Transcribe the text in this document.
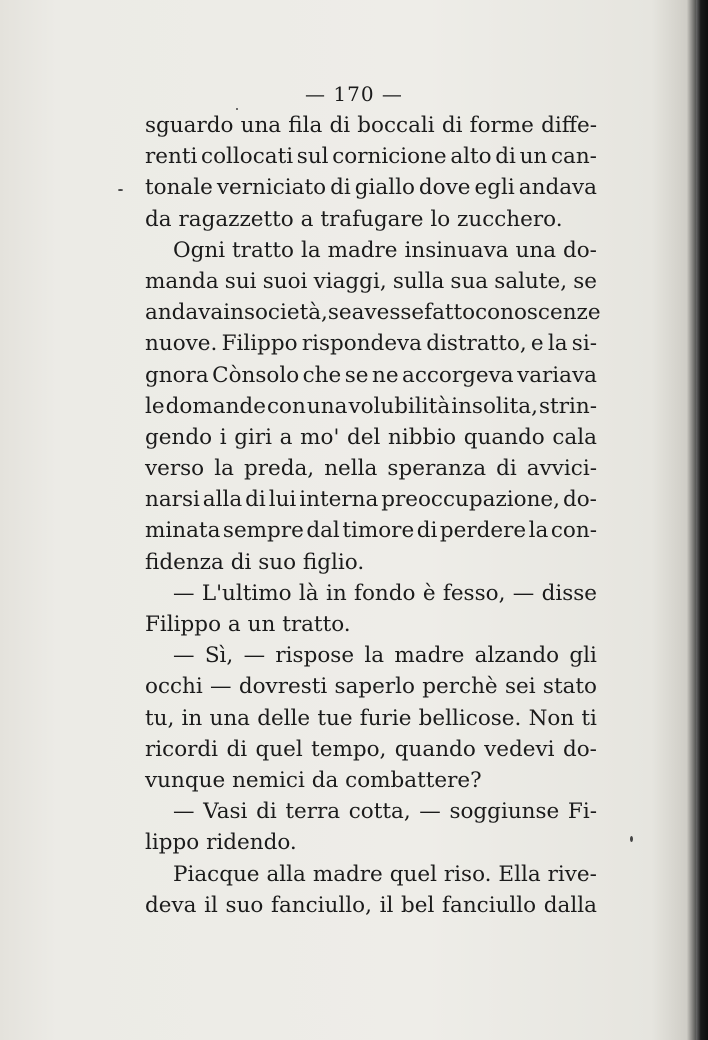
— 170 —
sguardo una fila di boccali di forme diffe-
renti collocati sul cornicione alto di un can-
tonale verniciato di giallo dove egli andava
da ragazzetto a trafugare lo zucchero.
Ogni tratto la madre insinuava una do-
manda sui suoi viaggi, sulla sua salute, se
andava in società, se avesse fatto conoscenze
nuove. Filippo rispondeva distratto, e la si-
gnora Cònsolo che se ne accorgeva variava
le domande con una volubilità insolita, strin-
gendo i giri a mo' del nibbio quando cala
verso la preda, nella speranza di avvici-
narsi alla di lui interna preoccupazione, do-
minata sempre dal timore di perdere la con-
fidenza di suo figlio.
— L'ultimo là in fondo è fesso, — disse
Filippo a un tratto.
— Sì, — rispose la madre alzando gli
occhi — dovresti saperlo perchè sei stato
tu, in una delle tue furie bellicose. Non ti
ricordi di quel tempo, quando vedevi do-
vunque nemici da combattere?
— Vasi di terra cotta, — soggiunse Fi-
lippo ridendo.
Piacque alla madre quel riso. Ella rive-
deva il suo fanciullo, il bel fanciullo dalla
